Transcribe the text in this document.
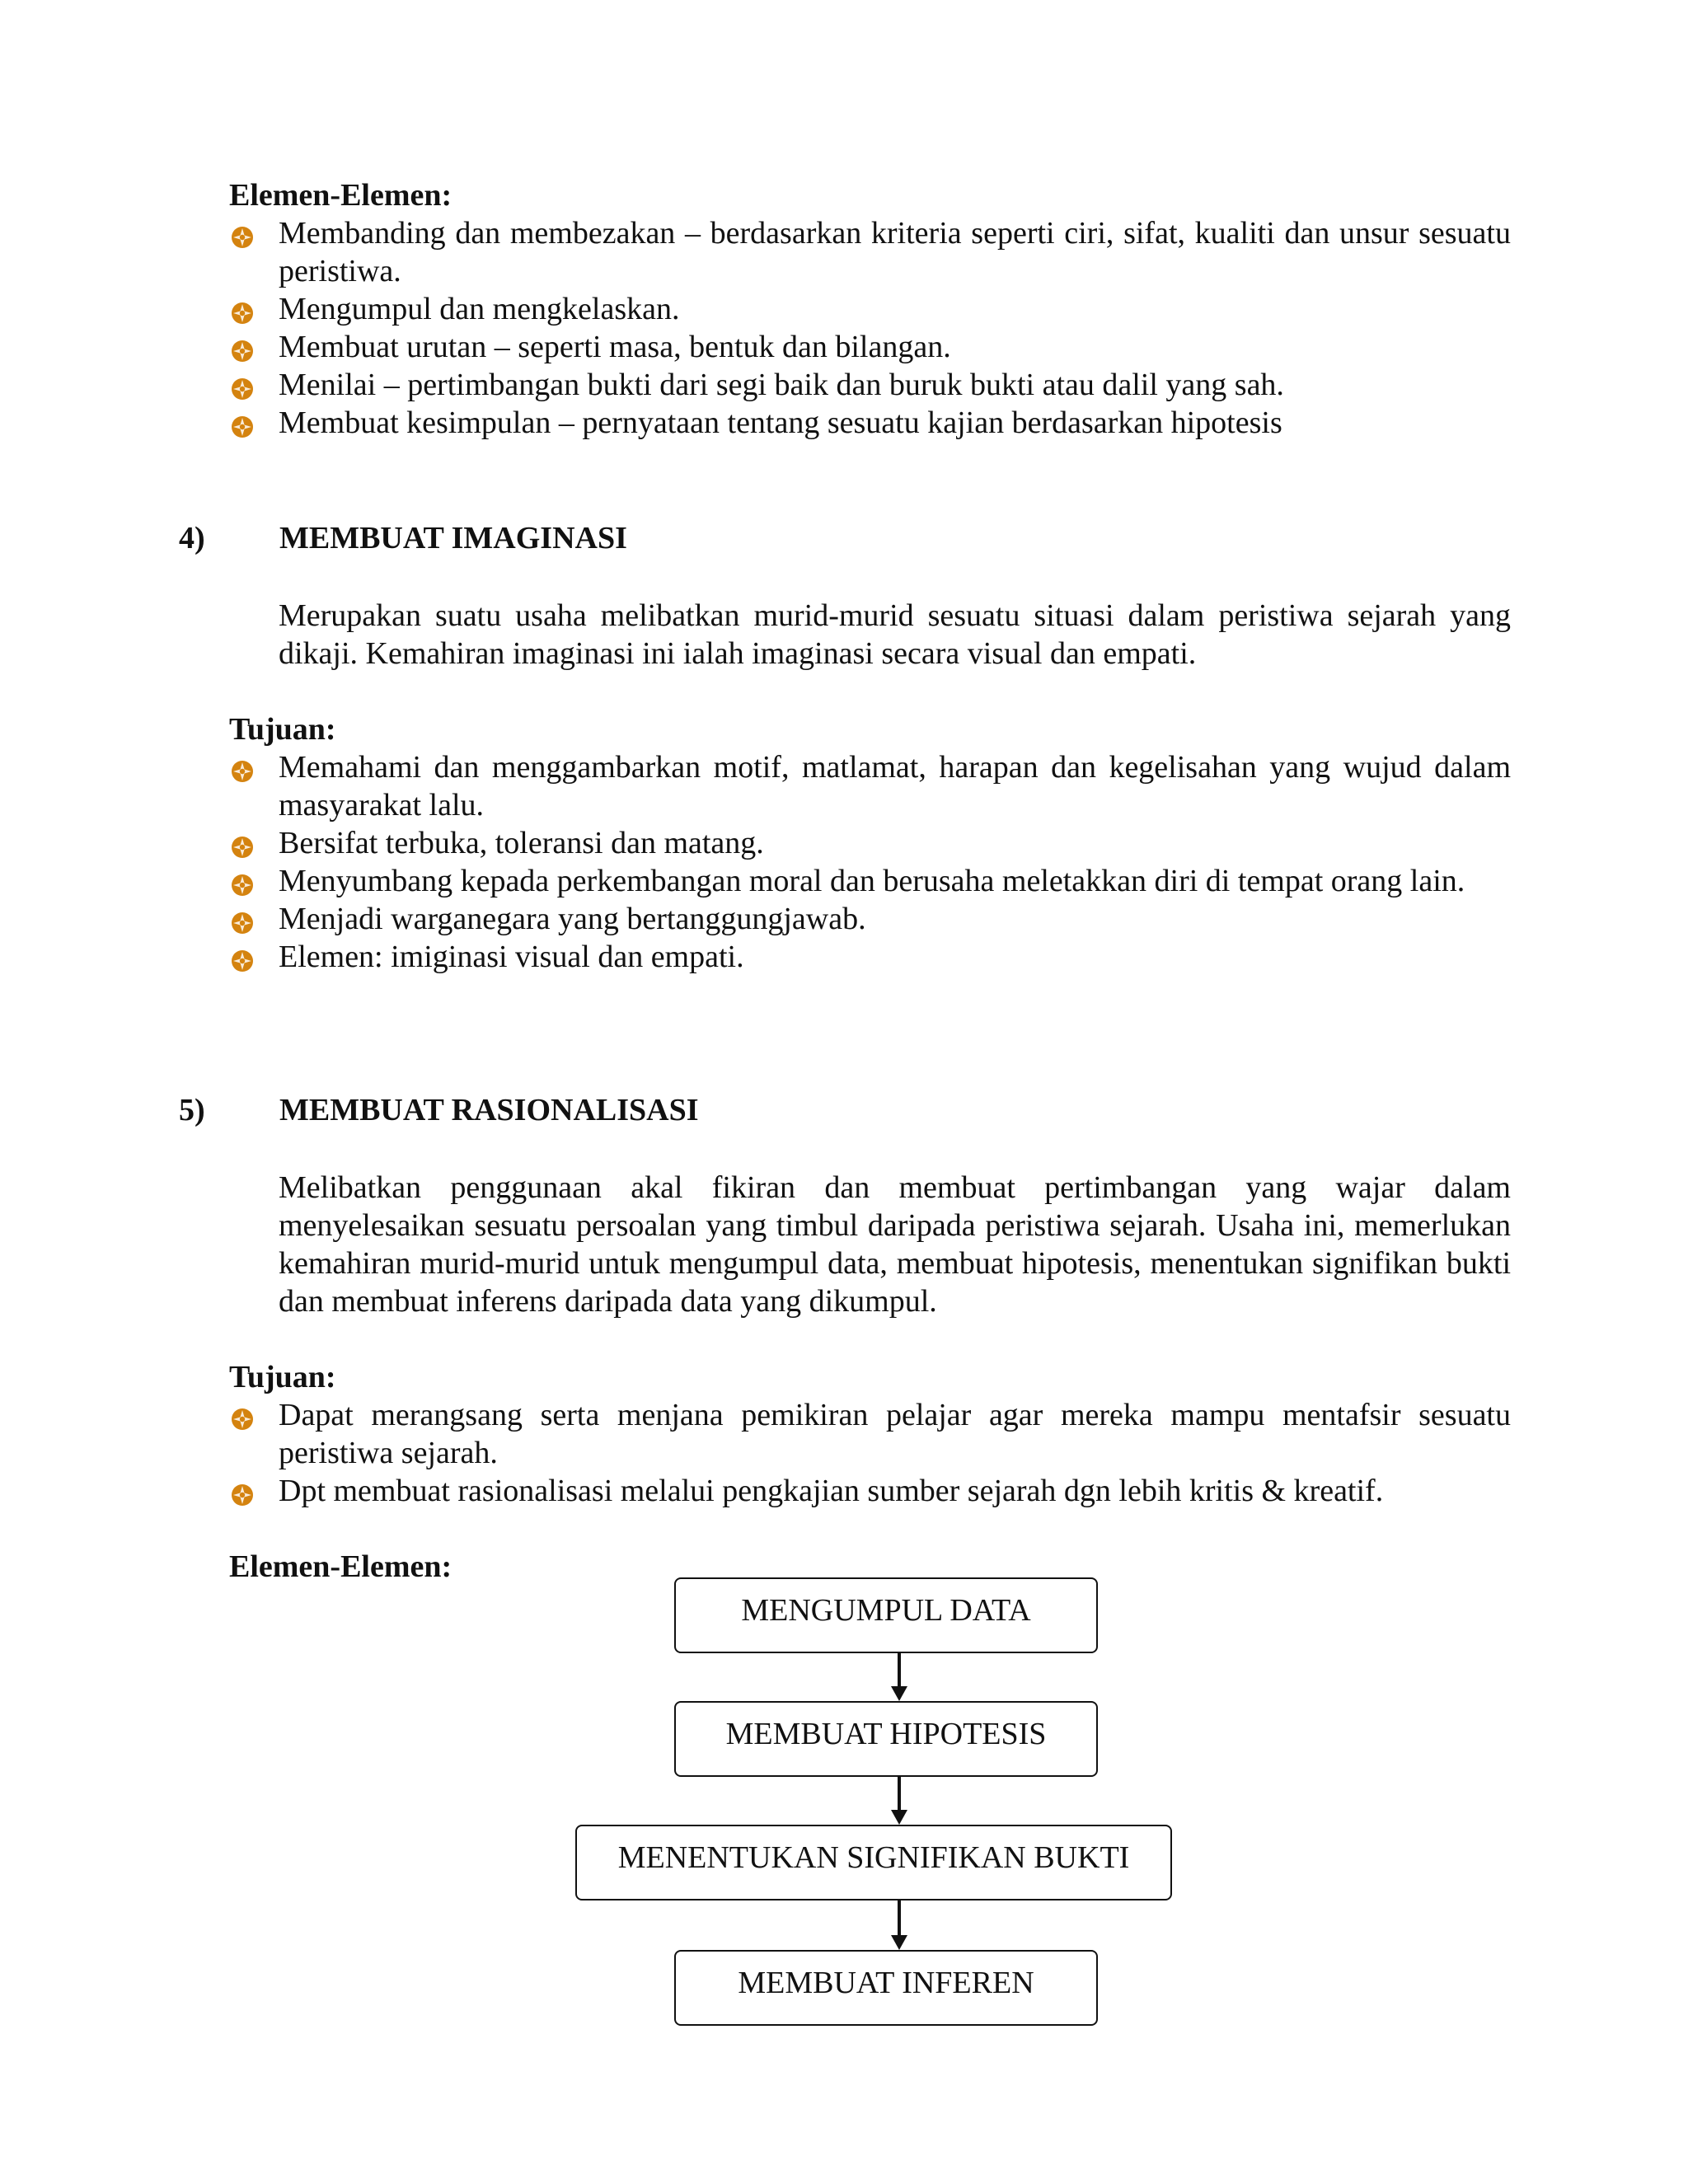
Elemen-Elemen:
Membanding dan membezakan – berdasarkan kriteria seperti ciri, sifat, kualiti dan unsur sesuatu peristiwa.
Mengumpul dan mengkelaskan.
Membuat urutan – seperti masa, bentuk dan bilangan.
Menilai – pertimbangan bukti dari segi baik dan buruk bukti atau dalil yang sah.
Membuat kesimpulan – pernyataan tentang sesuatu kajian berdasarkan hipotesis
4) MEMBUAT IMAGINASI
Merupakan suatu usaha melibatkan murid-murid sesuatu situasi dalam peristiwa sejarah yang dikaji. Kemahiran imaginasi ini ialah imaginasi secara visual dan empati.
Tujuan:
Memahami dan menggambarkan motif, matlamat, harapan dan kegelisahan yang wujud dalam masyarakat lalu.
Bersifat terbuka, toleransi dan matang.
Menyumbang kepada perkembangan moral dan berusaha meletakkan diri di tempat orang lain.
Menjadi warganegara yang bertanggungjawab.
Elemen: imiginasi visual dan empati.
5) MEMBUAT RASIONALISASI
Melibatkan penggunaan akal fikiran dan membuat pertimbangan yang wajar dalam menyelesaikan sesuatu persoalan yang timbul daripada peristiwa sejarah. Usaha ini, memerlukan kemahiran murid-murid untuk mengumpul data, membuat hipotesis, menentukan signifikan bukti dan membuat inferens daripada data yang dikumpul.
Tujuan:
Dapat merangsang serta menjana pemikiran pelajar agar mereka mampu mentafsir sesuatu peristiwa sejarah.
Dpt membuat rasionalisasi melalui pengkajian sumber sejarah dgn lebih kritis & kreatif.
Elemen-Elemen:
MENGUMPUL DATA
MEMBUAT HIPOTESIS
MENENTUKAN SIGNIFIKAN BUKTI
MEMBUAT INFEREN
